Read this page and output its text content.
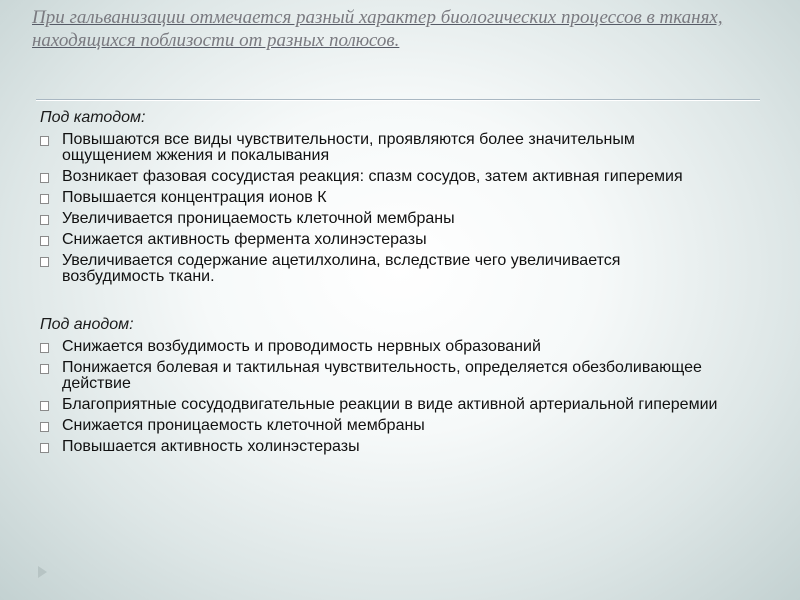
При гальванизации отмечается разный характер биологических процессов в тканях, находящихся поблизости от разных полюсов.
Под катодом:
Повышаются все виды чувствительности, проявляются более значительным ощущением жжения и покалывания
Возникает фазовая сосудистая реакция: спазм сосудов, затем активная гиперемия
Повышается концентрация ионов К
Увеличивается проницаемость клеточной мембраны
Снижается активность фермента холинэстеразы
Увеличивается содержание ацетилхолина, вследствие чего увеличивается возбудимость ткани.
Под анодом:
Снижается возбудимость и проводимость нервных образований
Понижается болевая и тактильная чувствительность, определяется обезболивающее действие
Благоприятные сосудодвигательные реакции в виде активной артериальной гиперемии
Снижается проницаемость клеточной мембраны
Повышается активность холинэстеразы
